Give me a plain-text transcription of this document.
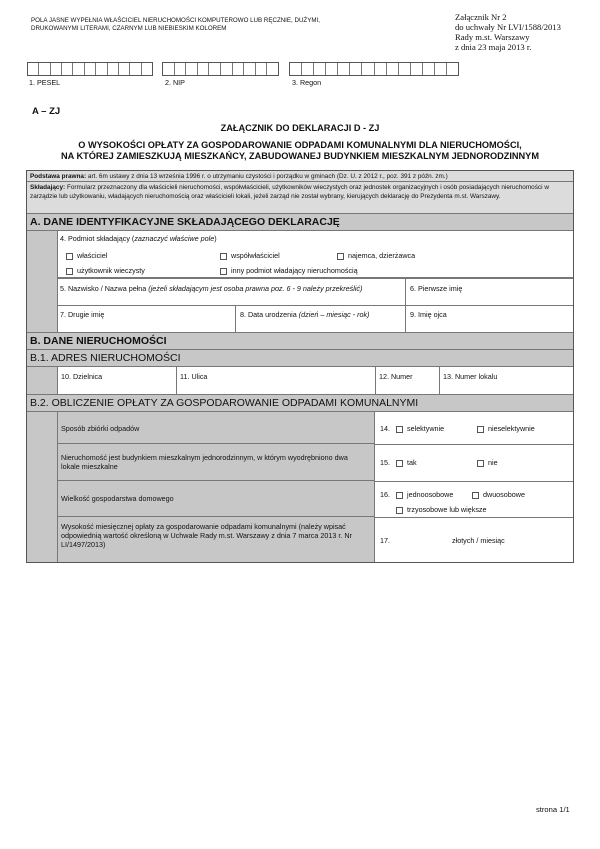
POLA JASNE WYPEŁNIA WŁAŚCICIEL NIERUCHOMOŚCI KOMPUTEROWO LUB RĘCZNIE, DUŻYMI, DRUKOWANYMI LITERAMI, CZARNYM LUB NIEBIESKIM KOLOREM
Załącznik Nr 2
do uchwały Nr LVI/1588/2013
Rady m.st. Warszawy
z dnia 23 maja 2013 r.
1. PESEL	2. NIP	3. Regon
A – ZJ
ZAŁĄCZNIK DO DEKLARACJI D - ZJ
O WYSOKOŚCI OPŁATY ZA GOSPODAROWANIE ODPADAMI KOMUNALNYMI DLA NIERUCHOMOŚCI,
NA KTÓREJ ZAMIESZKUJĄ MIESZKAŃCY, ZABUDOWANEJ BUDYNKIEM MIESZKALNYM JEDNORODZINNYM
Podstawa prawna: art. 6m ustawy z dnia 13 września 1996 r. o utrzymaniu czystości i porządku w gminach (Dz. U. z 2012 r., poz. 391 z późn. zm.)
Składający: Formularz przeznaczony dla właścicieli nieruchomości, współwłaścicieli, użytkowników wieczystych oraz jednostek organizacyjnych i osób posiadających nieruchomości w zarządzie lub użytkowaniu, władających nieruchomością oraz właścicieli lokali, jeżeli zarząd nie został wybrany, kierujących deklarację do Prezydenta m.st. Warszawy.
A. DANE IDENTYFIKACYJNE SKŁADAJĄCEGO DEKLARACJĘ
4. Podmiot składający (zaznaczyć właściwe pole)
właściciel	współwłaściciel	najemca, dzierżawca
użytkownik wieczysty	inny podmiot władający nieruchomością
5. Nazwisko / Nazwa pełna (jeżeli składającym jest osoba prawna poz. 6 - 9 należy przekreślić)	6. Pierwsze imię
7. Drugie imię	8. Data urodzenia (dzień – miesiąc - rok)	9. Imię ojca
B. DANE NIERUCHOMOŚCI
B.1. ADRES NIERUCHOMOŚCI
10. Dzielnica	11. Ulica	12. Numer	13. Numer lokalu
B.2. OBLICZENIE OPŁATY ZA GOSPODAROWANIE ODPADAMI KOMUNALNYMI
Sposób zbiórki odpadów	14.	selektywnie	nieselektywnie
Nieruchomość jest budynkiem mieszkalnym jednorodzinnym, w którym wyodrębniono dwa lokale mieszkalne	15.	tak	nie
Wielkość gospodarstwa domowego	16.	jednoosobowe	dwuosobowe
trzyosobowe lub większe
Wysokość miesięcznej opłaty za gospodarowanie odpadami komunalnymi (należy wpisać odpowiednią wartość określoną w Uchwale Rady m.st. Warszawy z dnia 7 marca 2013 r. Nr LI/1497/2013)	17.	złotych / miesiąc
strona 1/1
